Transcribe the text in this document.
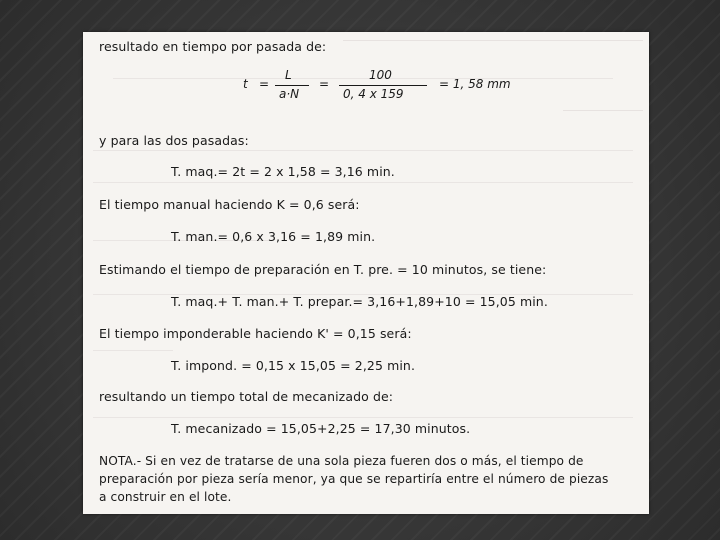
resultado en tiempo por pasada de:

t =
L
a·N
=
100
0, 4 x 159
= 1, 58 mm

y para las dos pasadas:

T. maq.= 2t = 2 x 1,58 = 3,16 min.

El tiempo manual haciendo K = 0,6 será:

T. man.= 0,6 x 3,16 = 1,89 min.

Estimando el tiempo de preparación en T. pre. = 10 minutos, se tiene:

T. maq.+ T. man.+ T. prepar.= 3,16+1,89+10 = 15,05 min.

El tiempo imponderable haciendo K' = 0,15 será:

T. impond. = 0,15 x 15,05 = 2,25 min.

resultando un tiempo total de mecanizado de:

T. mecanizado = 15,05+2,25 = 17,30 minutos.

NOTA.- Si en vez de tratarse de una sola pieza fueren dos o más, el tiempo de

preparación por pieza sería menor, ya que se repartiría entre el número de piezas

a construir en el lote.
